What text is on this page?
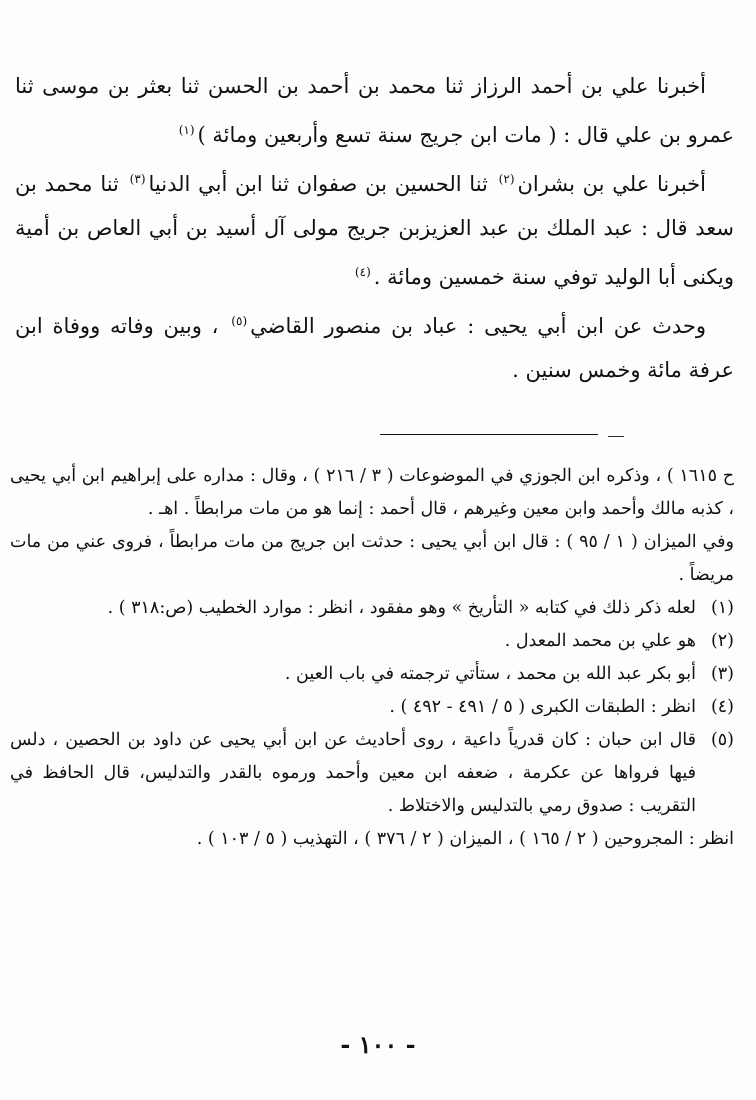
أخبرنا علي بن أحمد الرزاز ثنا محمد بن أحمد بن الحسن ثنا بعثر بن موسى ثنا عمرو بن علي قال : ( مات ابن جريج سنة تسع وأربعين ومائة )$^{(١)}$

أخبرنا علي بن بشران$^{(٢)}$ ثنا الحسين بن صفوان ثنا ابن أبي الدنيا$^{(٣)}$ ثنا محمد بن سعد قال : عبد الملك بن عبد العزيزبن جريج مولى آل أسيد بن أبي العاص بن أمية ويكنى أبا الوليد توفي سنة خمسين ومائة .$^{(٤)}$

وحدث عن ابن أبي يحيى : عباد بن منصور القاضي$^{(٥)}$ ، وبين وفاته ووفاة ابن عرفة مائة وخمس سنين .

ح ١٦١٥ ) ، وذكره ابن الجوزي في الموضوعات ( ٣ / ٢١٦ ) ، وقال : مداره على إبراهيم ابن أبي يحيى ، كذبه مالك وأحمد وابن معين وغيرهم ، قال أحمد : إنما هو من مات مرابطاً . اهـ .

وفي الميزان ( ١ / ٩٥ ) : قال ابن أبي يحيى : حدثت ابن جريج من مات مرابطاً ، فروى عني من مات مريضاً .

(١)
لعله ذكر ذلك في كتابه « التأريخ » وهو مفقود ، انظر : موارد الخطيب (ص:٣١٨ ) .
(٢)
هو علي بن محمد المعدل .
(٣)
أبو بكر عبد الله بن محمد ، ستأتي ترجمته في باب العين .
(٤)
انظر : الطبقات الكبرى ( ٥ / ٤٩١ - ٤٩٢ ) .
(٥)
قال ابن حبان : كان قدرياً داعية ، روى أحاديث عن ابن أبي يحيى عن داود بن الحصين ، دلس فيها فرواها عن عكرمة ، ضعفه ابن معين وأحمد ورموه بالقدر والتدليس، قال الحافظ في التقريب : صدوق رمي بالتدليس والاختلاط .

انظر : المجروحين ( ٢ / ١٦٥ ) ، الميزان ( ٢ / ٣٧٦ ) ، التهذيب ( ٥ / ١٠٣ ) .

- ١٠٠ -
